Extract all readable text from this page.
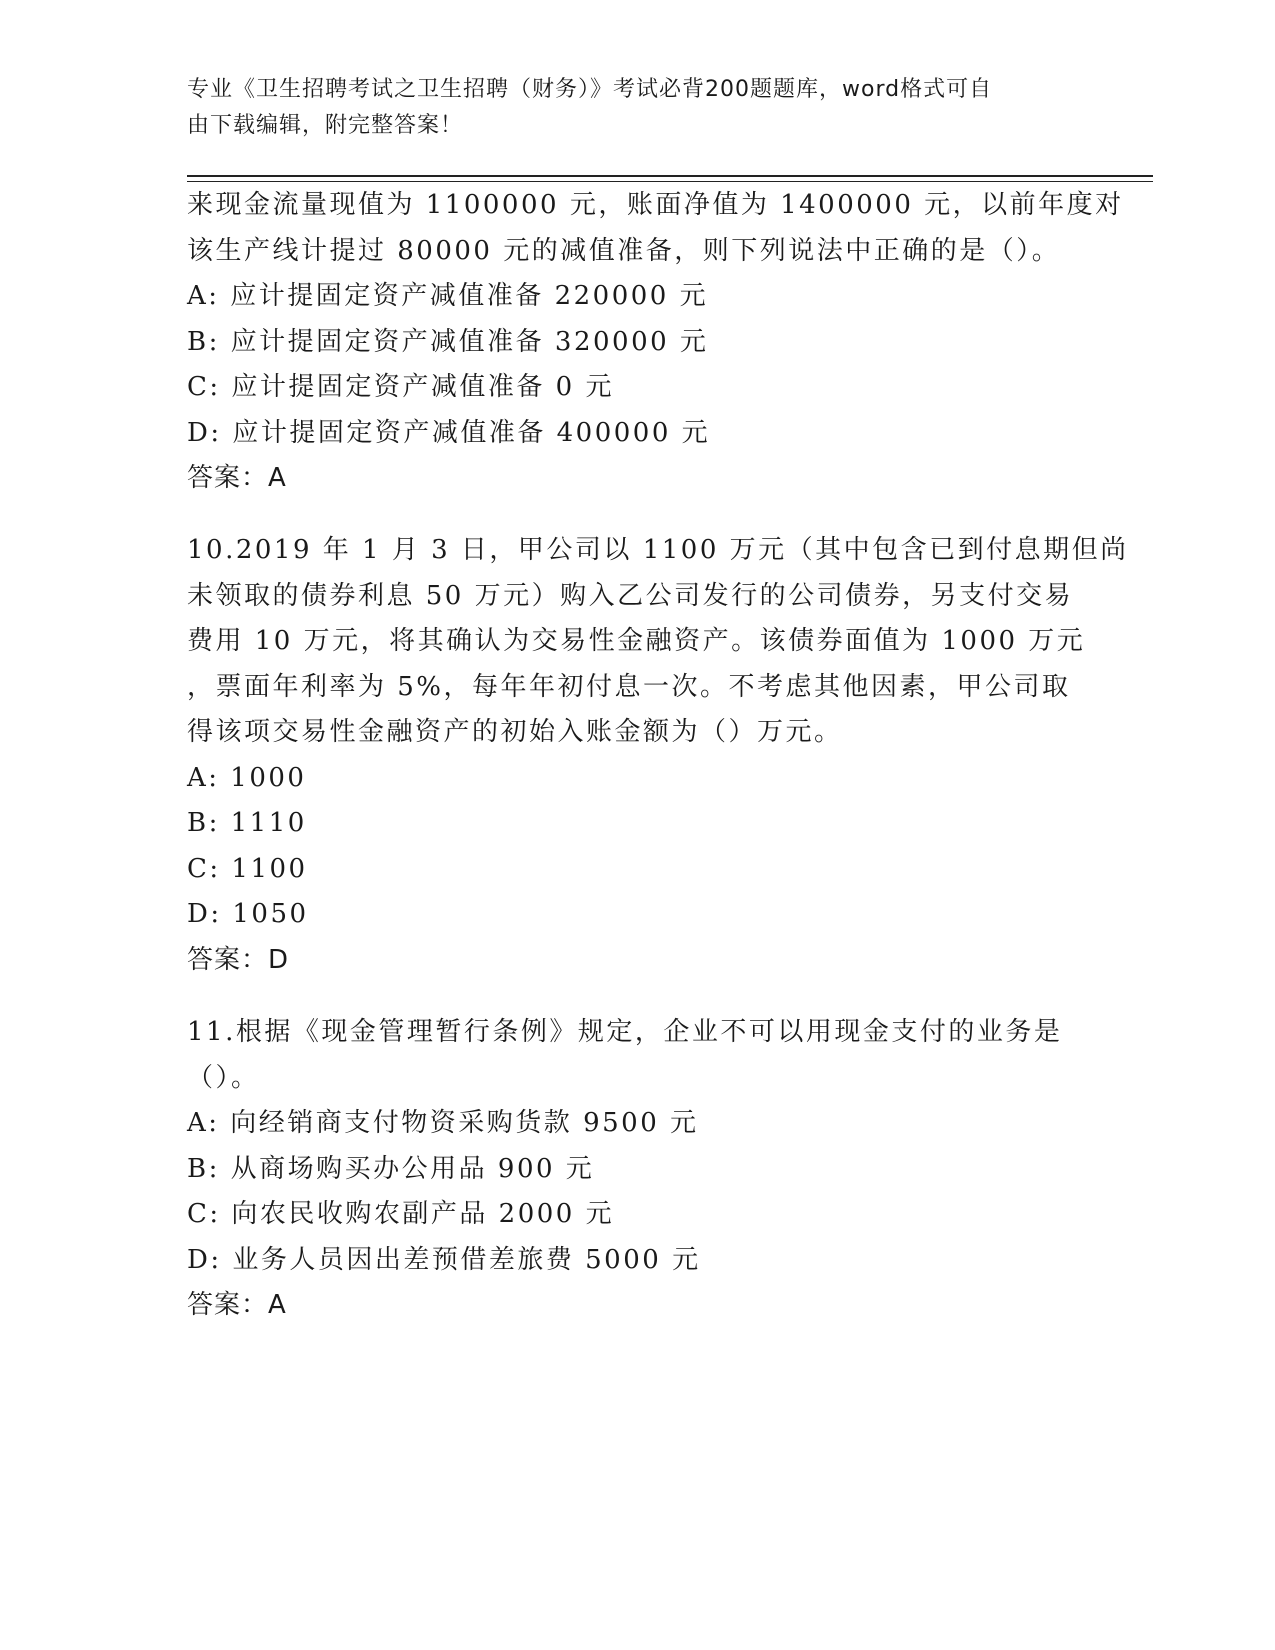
专业《卫生招聘考试之卫生招聘（财务）》考试必背200题题库，word格式可自
由下载编辑，附完整答案！
来现金流量现值为 1100000 元，账面净值为 1400000 元，以前年度对
该生产线计提过 80000 元的减值准备，则下列说法中正确的是（）。
A: 应计提固定资产减值准备 220000 元
B: 应计提固定资产减值准备 320000 元
C: 应计提固定资产减值准备 0 元
D: 应计提固定资产减值准备 400000 元
答案：A
10.2019 年 1 月 3 日，甲公司以 1100 万元（其中包含已到付息期但尚
未领取的债券利息 50 万元）购入乙公司发行的公司债券，另支付交易
费用 10 万元，将其确认为交易性金融资产。该债券面值为 1000 万元
，票面年利率为 5%，每年年初付息一次。不考虑其他因素，甲公司取
得该项交易性金融资产的初始入账金额为（）万元。
A: 1000
B: 1110
C: 1100
D: 1050
答案：D
11.根据《现金管理暂行条例》规定，企业不可以用现金支付的业务是
（）。
A: 向经销商支付物资采购货款 9500 元
B: 从商场购买办公用品 900 元
C: 向农民收购农副产品 2000 元
D: 业务人员因出差预借差旅费 5000 元
答案：A
